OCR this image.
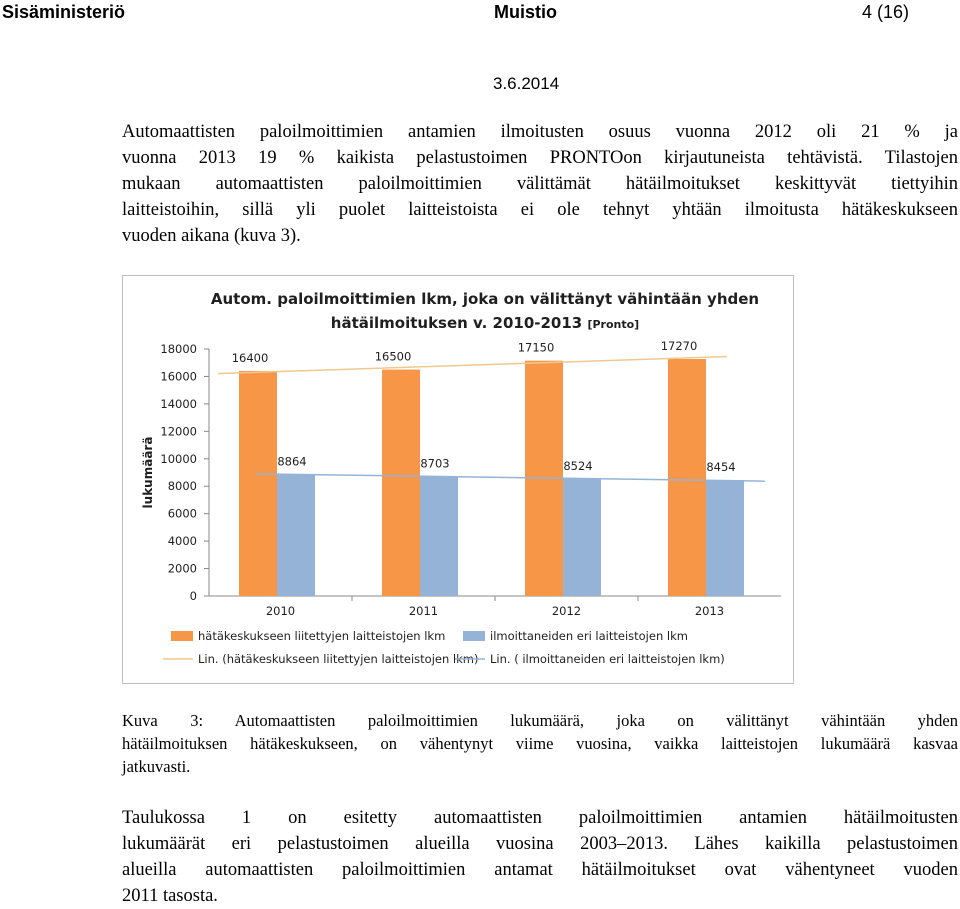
Sisäministeriö	Muistio	4 (16)
3.6.2014
Automaattisten paloilmoittimien antamien ilmoitusten osuus vuonna 2012 oli 21 % ja
vuonna 2013 19 % kaikista pelastustoimen PRONTOon kirjautuneista tehtävistä. Tilastojen
mukaan automaattisten paloilmoittimien välittämät hätäilmoitukset keskittyvät tiettyihin
laitteistoihin, sillä yli puolet laitteistoista ei ole tehnyt yhtään ilmoitusta hätäkeskukseen
vuoden aikana (kuva 3).
Autom. paloilmoittimien lkm, joka on välittänyt vähintään yhden
hätäilmoituksen v. 2010-2013 [Pronto]
lukumäärä
0
2000
4000
6000
8000
10000
12000
14000
16000
18000
2010
16400
8864
2011
16500
8703
2012
17150
8524
2013
17270
8454
hätäkeskukseen liitettyjen laitteistojen lkm	ilmoittaneiden eri laitteistojen lkm
Lin. (hätäkeskukseen liitettyjen laitteistojen lkm) Lin. ( ilmoittaneiden eri laitteistojen lkm)
Kuva 3: Automaattisten paloilmoittimien lukumäärä, joka on välittänyt vähintään yhden
hätäilmoituksen hätäkeskukseen, on vähentynyt viime vuosina, vaikka laitteistojen lukumäärä kasvaa
jatkuvasti.
Taulukossa 1 on esitetty automaattisten paloilmoittimien antamien hätäilmoitusten
lukumäärät eri pelastustoimen alueilla vuosina 2003–2013. Lähes kaikilla pelastustoimen
alueilla automaattisten paloilmoittimien antamat hätäilmoitukset ovat vähentyneet vuoden
2011 tasosta.
